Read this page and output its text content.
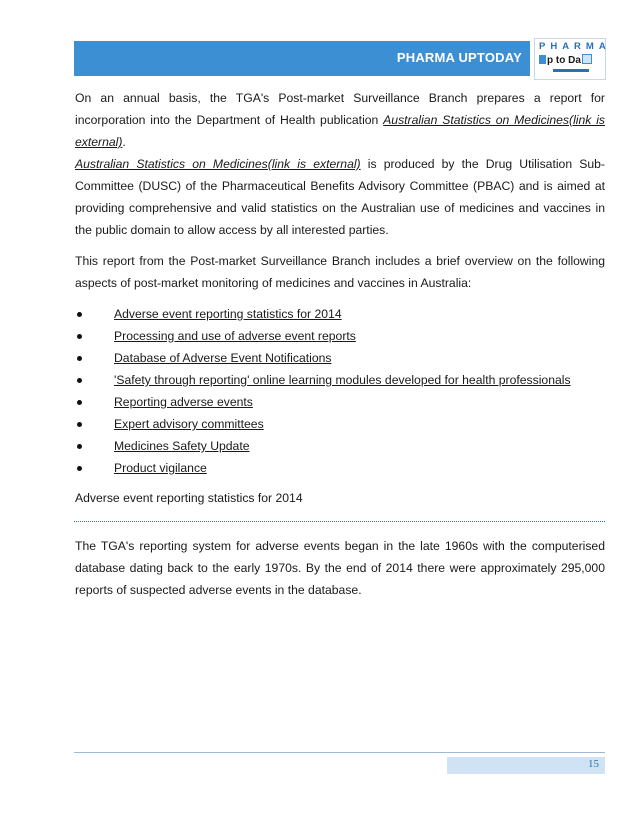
PHARMA UPTODAY
PHARMA
p to Da

On an annual basis, the TGA's Post-market Surveillance Branch prepares a report for incorporation into the Department of Health publication Australian Statistics on Medicines(link is external).

Australian Statistics on Medicines(link is external) is produced by the Drug Utilisation Sub-Committee (DUSC) of the Pharmaceutical Benefits Advisory Committee (PBAC) and is aimed at providing comprehensive and valid statistics on the Australian use of medicines and vaccines in the public domain to allow access by all interested parties.

This report from the Post-market Surveillance Branch includes a brief overview on the following aspects of post-market monitoring of medicines and vaccines in Australia:

Adverse event reporting statistics for 2014
Processing and use of adverse event reports
Database of Adverse Event Notifications
'Safety through reporting' online learning modules developed for health professionals
Reporting adverse events
Expert advisory committees
Medicines Safety Update
Product vigilance

Adverse event reporting statistics for 2014

The TGA's reporting system for adverse events began in the late 1960s with the computerised database dating back to the early 1970s. By the end of 2014 there were approximately 295,000 reports of suspected adverse events in the database.

15
